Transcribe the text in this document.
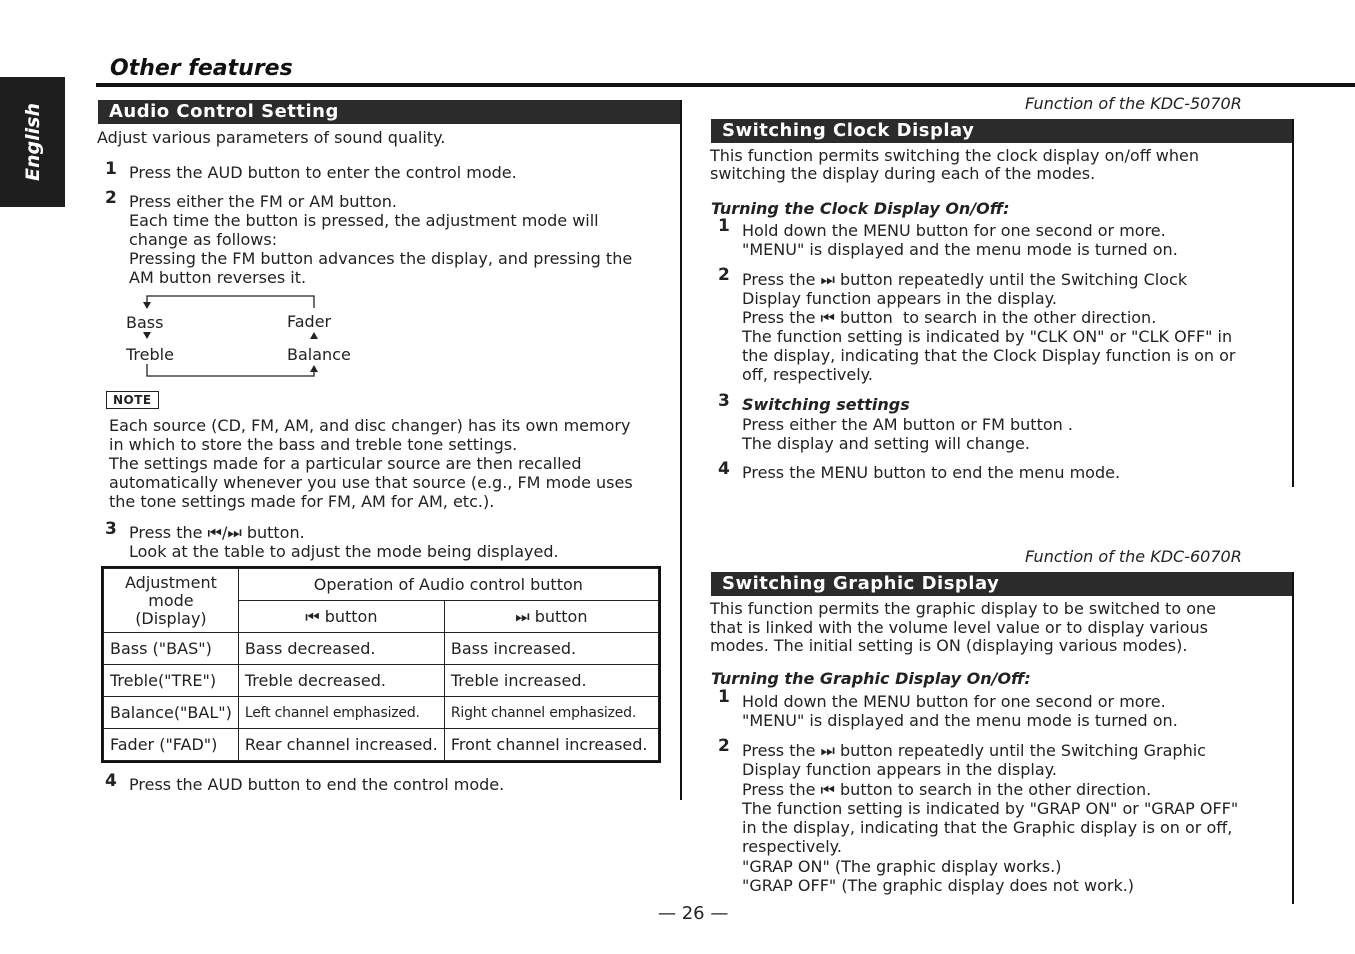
English
Other features
Audio Control Setting
Adjust various parameters of sound quality.
1 Press the AUD button to enter the control mode.
2 Press either the FM or AM button.
Each time the button is pressed, the adjustment mode will
change as follows:
Pressing the FM button advances the display, and pressing the
AM button reverses it.
Bass
Treble
Fader
Balance
NOTE
Each source (CD, FM, AM, and disc changer) has its own memory
in which to store the bass and treble tone settings.
The settings made for a particular source are then recalled
automatically whenever you use that source (e.g., FM mode uses
the tone settings made for FM, AM for AM, etc.).
3 Press the ⏮/⏭ button.
Look at the table to adjust the mode being displayed.
Adjustment
mode
(Display)	Operation of Audio control button	
	⏮ button	⏭ button
Bass ("BAS")	Bass decreased.	Bass increased.
Treble("TRE")	Treble decreased.	Treble increased.
Balance("BAL")	Left channel emphasized.	Right channel emphasized.
Fader ("FAD")	Rear channel increased.	Front channel increased.
4 Press the AUD button to end the control mode.
Function of the KDC-5070R
Switching Clock Display
This function permits switching the clock display on/off when
switching the display during each of the modes.
Turning the Clock Display On/Off:
1 Hold down the MENU button for one second or more.
"MENU" is displayed and the menu mode is turned on.
2 Press the ⏭ button repeatedly until the Switching Clock
Display function appears in the display.
Press the ⏮ button  to search in the other direction.
The function setting is indicated by "CLK ON" or "CLK OFF" in
the display, indicating that the Clock Display function is on or
off, respectively.
3 Switching settings
Press either the AM button or FM button .
The display and setting will change.
4 Press the MENU button to end the menu mode.
Function of the KDC-6070R
Switching Graphic Display
This function permits the graphic display to be switched to one
that is linked with the volume level value or to display various
modes. The initial setting is ON (displaying various modes).
Turning the Graphic Display On/Off:
1 Hold down the MENU button for one second or more.
"MENU" is displayed and the menu mode is turned on.
2 Press the ⏭ button repeatedly until the Switching Graphic
Display function appears in the display.
Press the ⏮ button to search in the other direction.
The function setting is indicated by "GRAP ON" or "GRAP OFF"
in the display, indicating that the Graphic display is on or off,
respectively.
"GRAP ON" (The graphic display works.)
"GRAP OFF" (The graphic display does not work.)
— 26 —
